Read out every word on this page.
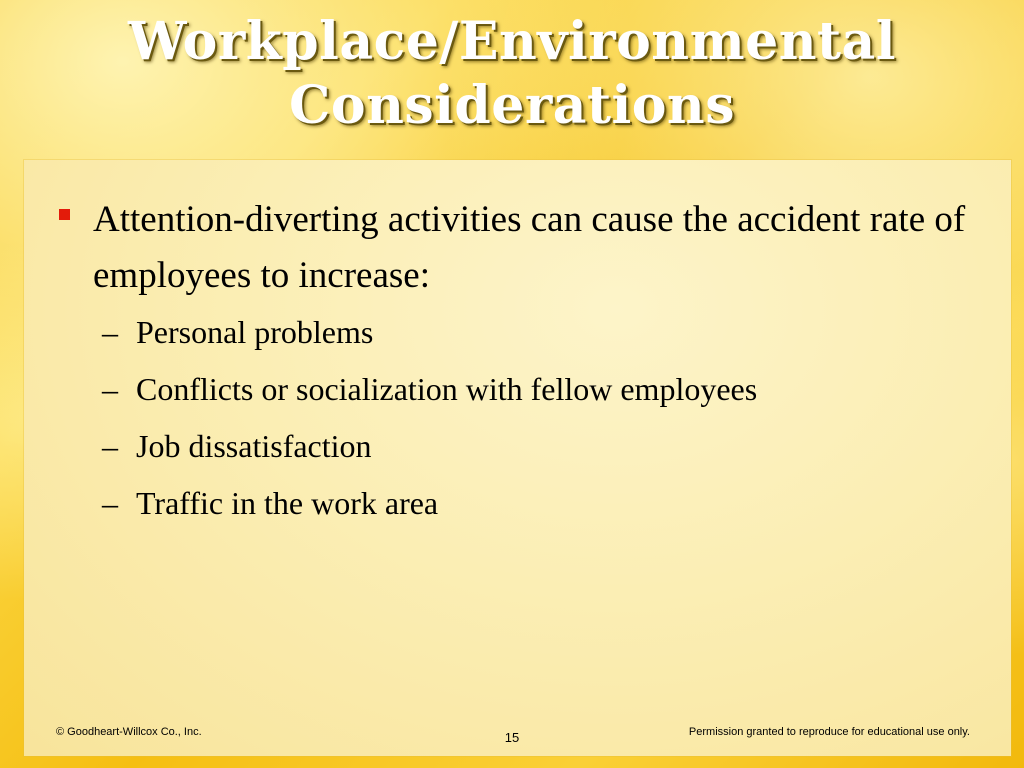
Workplace/Environmental
Considerations

Attention-diverting activities can cause the accident rate of employees to increase:

– Personal problems
– Conflicts or socialization with fellow employees
– Job dissatisfaction
– Traffic in the work area
© Goodheart-Willcox Co., Inc.	15	Permission granted to reproduce for educational use only.
